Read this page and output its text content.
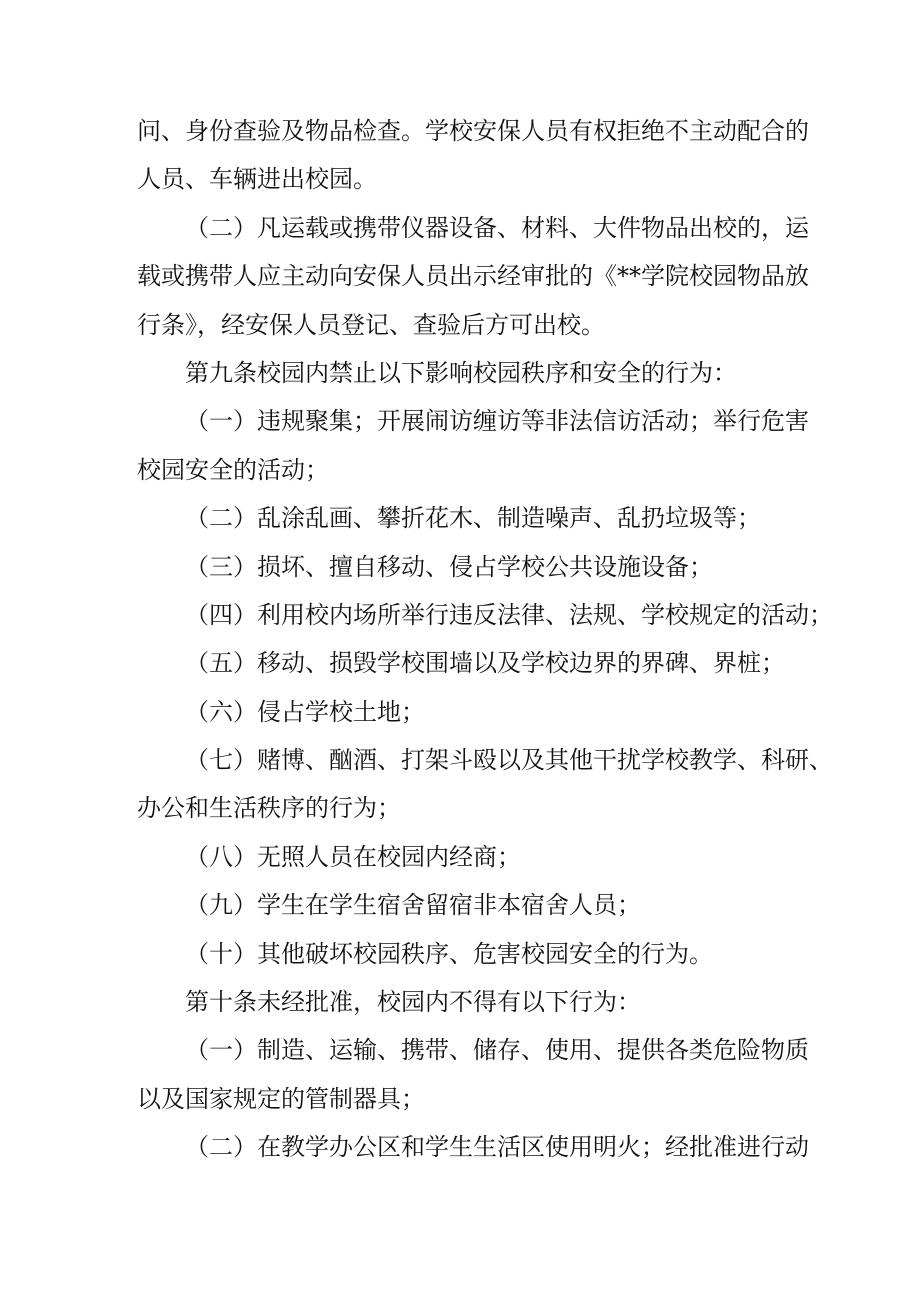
问、身份查验及物品检查。学校安保人员有权拒绝不主动配合的
人员、车辆进出校园。
（二）凡运载或携带仪器设备、材料、大件物品出校的，运
载或携带人应主动向安保人员出示经审批的《**学院校园物品放
行条》，经安保人员登记、查验后方可出校。
第九条校园内禁止以下影响校园秩序和安全的行为：
（一）违规聚集；开展闹访缠访等非法信访活动；举行危害
校园安全的活动；
（二）乱涂乱画、攀折花木、制造噪声、乱扔垃圾等；
（三）损坏、擅自移动、侵占学校公共设施设备；
（四）利用校内场所举行违反法律、法规、学校规定的活动；
（五）移动、损毁学校围墙以及学校边界的界碑、界桩；
（六）侵占学校土地；
（七）赌博、酗酒、打架斗殴以及其他干扰学校教学、科研、
办公和生活秩序的行为；
（八）无照人员在校园内经商；
（九）学生在学生宿舍留宿非本宿舍人员；
（十）其他破坏校园秩序、危害校园安全的行为。
第十条未经批准，校园内不得有以下行为：
（一）制造、运输、携带、储存、使用、提供各类危险物质
以及国家规定的管制器具；
（二）在教学办公区和学生生活区使用明火；经批准进行动
